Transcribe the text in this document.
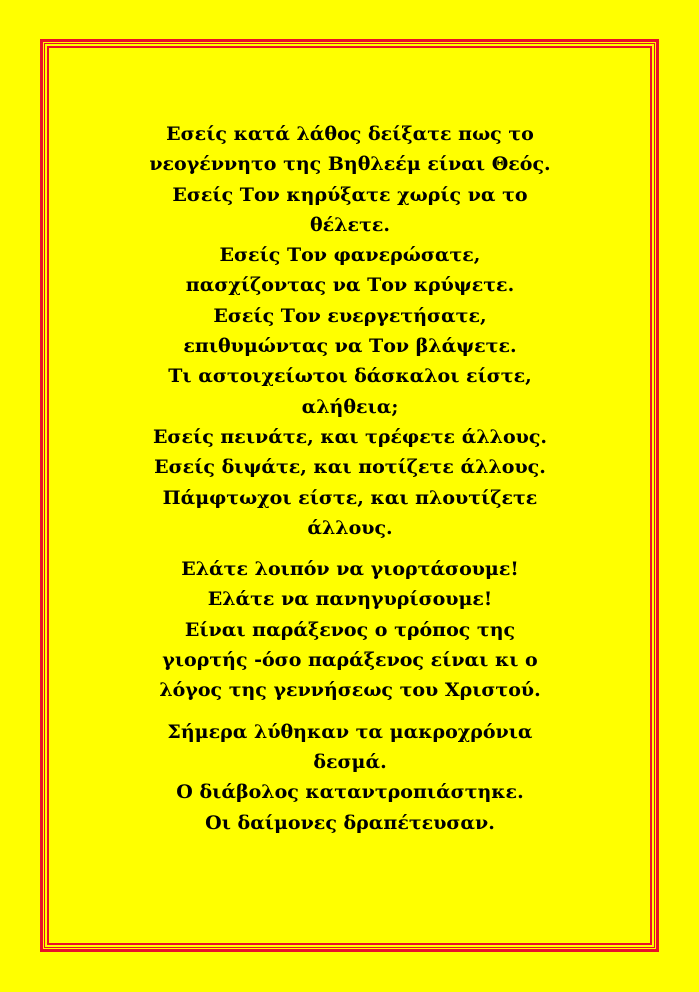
Εσείς κατά λάθος δείξατε πως το
νεογέννητο της Βηθλεέμ είναι Θεός.
Εσείς Τον κηρύξατε χωρίς να το
θέλετε.
Εσείς Τον φανερώσατε,
πασχίζοντας να Τον κρύψετε.
Εσείς Τον ευεργετήσατε,
επιθυμώντας να Τον βλάψετε.
Τι αστοιχείωτοι δάσκαλοι είστε,
αλήθεια;
Εσείς πεινάτε, και τρέφετε άλλους.
Εσείς διψάτε, και ποτίζετε άλλους.
Πάμφτωχοι είστε, και πλουτίζετε
άλλους.

Ελάτε λοιπόν να γιορτάσουμε!
Ελάτε να πανηγυρίσουμε!
Είναι παράξενος ο τρόπος της
γιορτής -όσο παράξενος είναι κι ο
λόγος της γεννήσεως του Χριστού.

Σήμερα λύθηκαν τα μακροχρόνια
δεσμά.
Ο διάβολος καταντροπιάστηκε.
Οι δαίμονες δραπέτευσαν.
